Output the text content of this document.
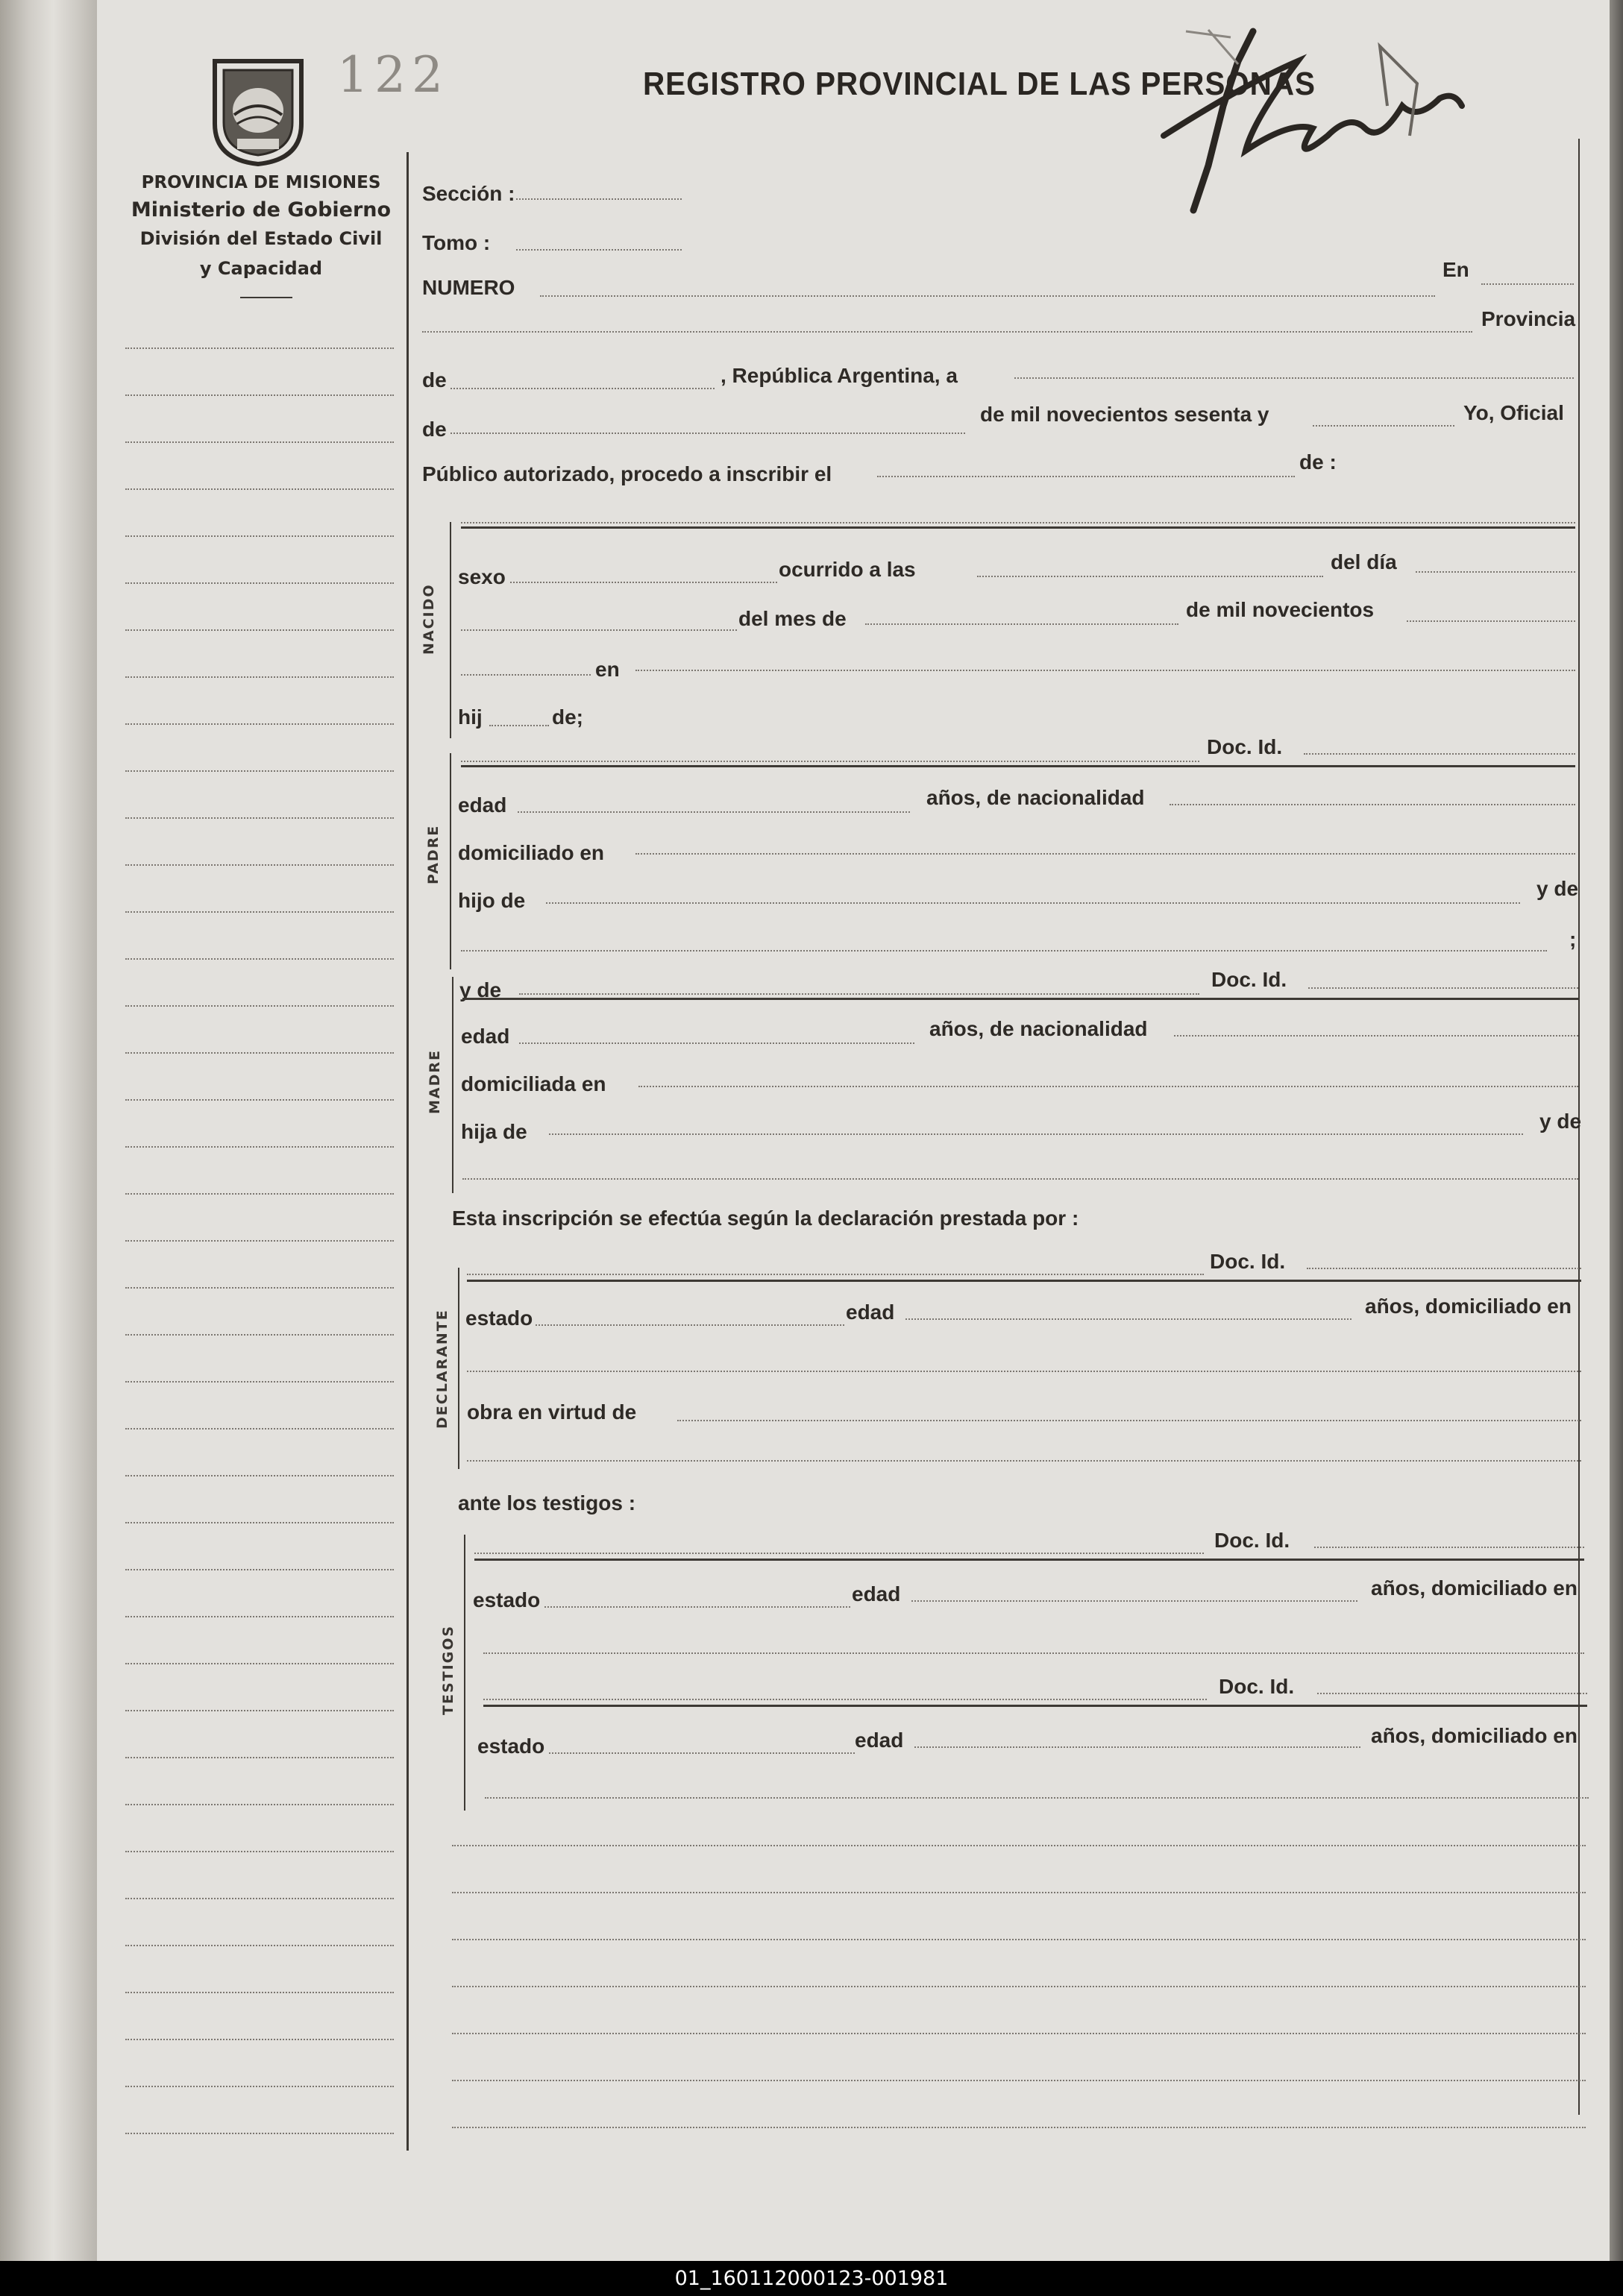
122	REGISTRO PROVINCIAL DE LAS PERSONAS
PROVINCIA DE MISIONES
Ministerio de Gobierno
División del Estado Civil
y Capacidad
Sección :
Tomo :
NUMERO
En
Provincia
de	, República Argentina, a
de
de mil novecientos sesenta y	Yo, Oficial
Público autorizado, procedo a inscribir el
de :
NACIDO
sexo	ocurrido a las	del día
del mes de	de mil novecientos
en
hij	de;
PADRE
Doc. Id.
edad	años, de nacionalidad
domiciliado en
hijo de
y de
;
MADRE
y de	Doc. Id.
edad	años, de nacionalidad
domiciliada en
hija de	y de
Esta inscripción se efectúa según la declaración prestada por :
DECLARANTE
Doc. Id.
estado	edad	años, domiciliado en
obra en virtud de
ante los testigos :
TESTIGOS
Doc. Id.
estado	edad	años, domiciliado en
Doc. Id.
estado	edad	años, domiciliado en
01_160112000123-001981
